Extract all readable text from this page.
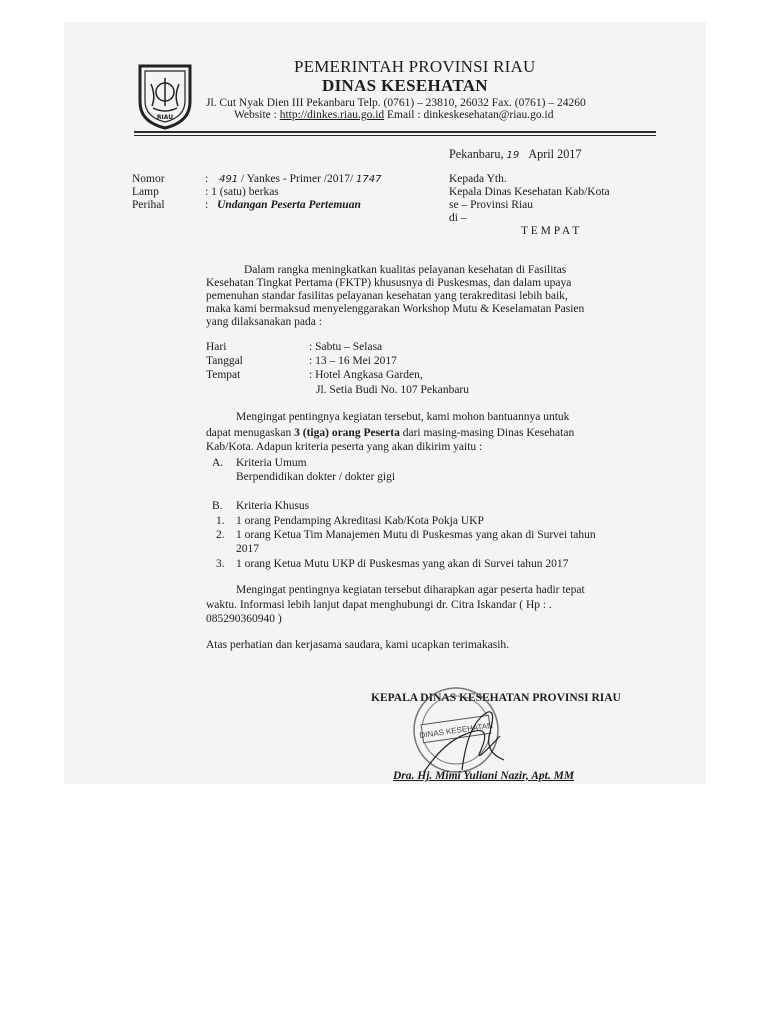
RIAU
PEMERINTAH PROVINSI RIAU
DINAS KESEHATAN
Jl. Cut Nyak Dien III Pekanbaru Telp. (0761) – 23810, 26032 Fax. (0761) – 24260
Website : http://dinkes.riau.go.id Email : dinkeskesehatan@riau.go.id
Pekanbaru, 19 April 2017
Nomor	: 491 / Yankes - Primer /2017/ 1747
Lamp	: 1 (satu) berkas
Perihal	: Undangan Peserta Pertemuan
Kepada Yth.
Kepala Dinas Kesehatan Kab/Kota
se – Provinsi Riau
di –
T E M P A T
Dalam rangka meningkatkan kualitas pelayanan kesehatan di Fasilitas
Kesehatan Tingkat Pertama (FKTP) khususnya di Puskesmas, dan dalam upaya
pemenuhan standar fasilitas pelayanan kesehatan yang terakreditasi lebih baik,
maka kami bermaksud menyelenggarakan Workshop Mutu & Keselamatan Pasien
yang dilaksanakan pada :
Hari	: Sabtu – Selasa
Tanggal	: 13 – 16 Mei 2017
Tempat	: Hotel Angkasa Garden,
Jl. Setia Budi No. 107 Pekanbaru
Mengingat pentingnya kegiatan tersebut, kami mohon bantuannya untuk
dapat menugaskan 3 (tiga) orang Peserta dari masing-masing Dinas Kesehatan
Kab/Kota. Adapun kriteria peserta yang akan dikirim yaitu :
A. Kriteria Umum
Berpendidikan dokter / dokter gigi
B. Kriteria Khusus
1. 1 orang Pendamping Akreditasi Kab/Kota Pokja UKP
2. 1 orang Ketua Tim Manajemen Mutu di Puskesmas yang akan di Survei tahun
2017
3. 1 orang Ketua Mutu UKP di Puskesmas yang akan di Survei tahun 2017
Mengingat pentingnya kegiatan tersebut diharapkan agar peserta hadir tepat
waktu. Informasi lebih lanjut dapat menghubungi dr. Citra Iskandar ( Hp : .
085290360940 )
Atas perhatian dan kerjasama saudara, kami ucapkan terimakasih.
KEPALA DINAS KESEHATAN PROVINSI RIAU
DINAS KESEHATAN
Dra. Hj. Mimi Yuliani Nazir, Apt. MM
